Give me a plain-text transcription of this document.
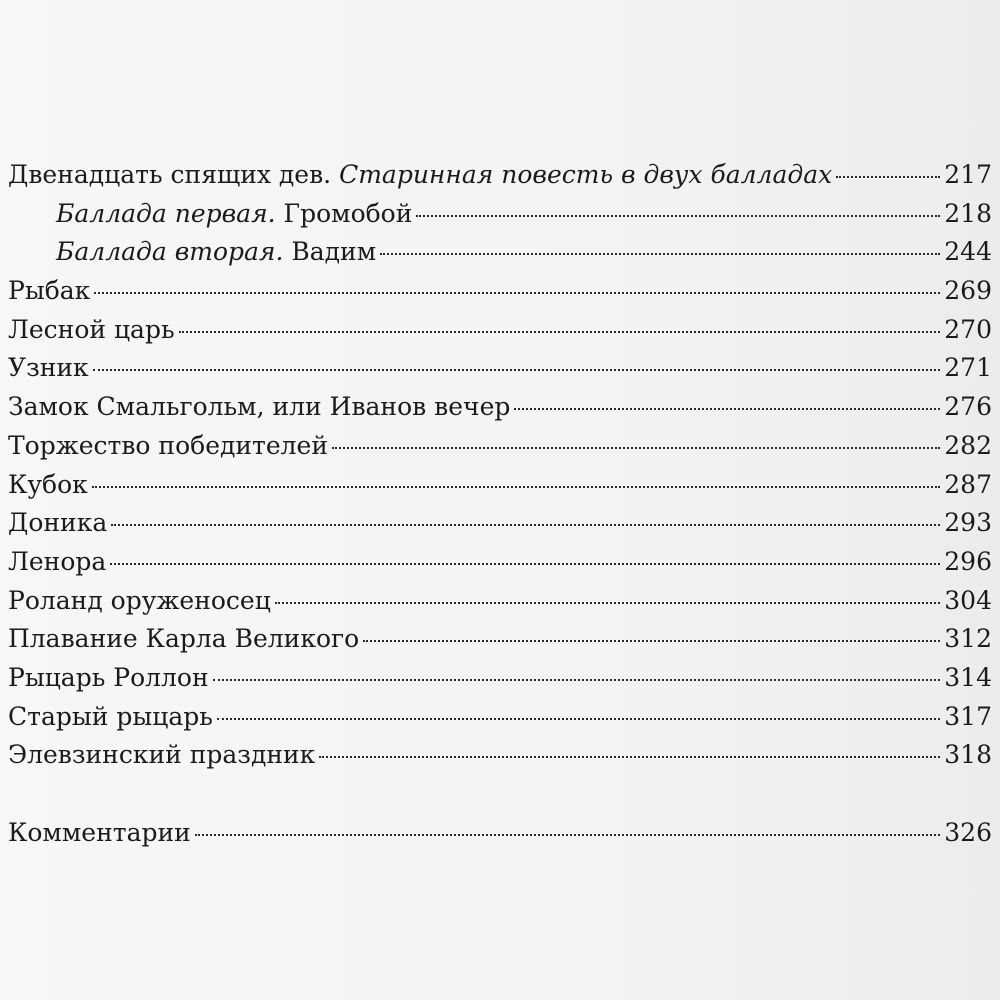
Двенадцать спящих дев. Старинная повесть в двух балладах	217
Баллада первая. Громобой	218
Баллада вторая. Вадим	244
Рыбак	269
Лесной царь	270
Узник	271
Замок Смальгольм, или Иванов вечер	276
Торжество победителей	282
Кубок	287
Доника	293
Ленора	296
Роланд оруженосец	304
Плавание Карла Великого	312
Рыцарь Роллон	314
Старый рыцарь	317
Элевзинский праздник	318
Комментарии	326
